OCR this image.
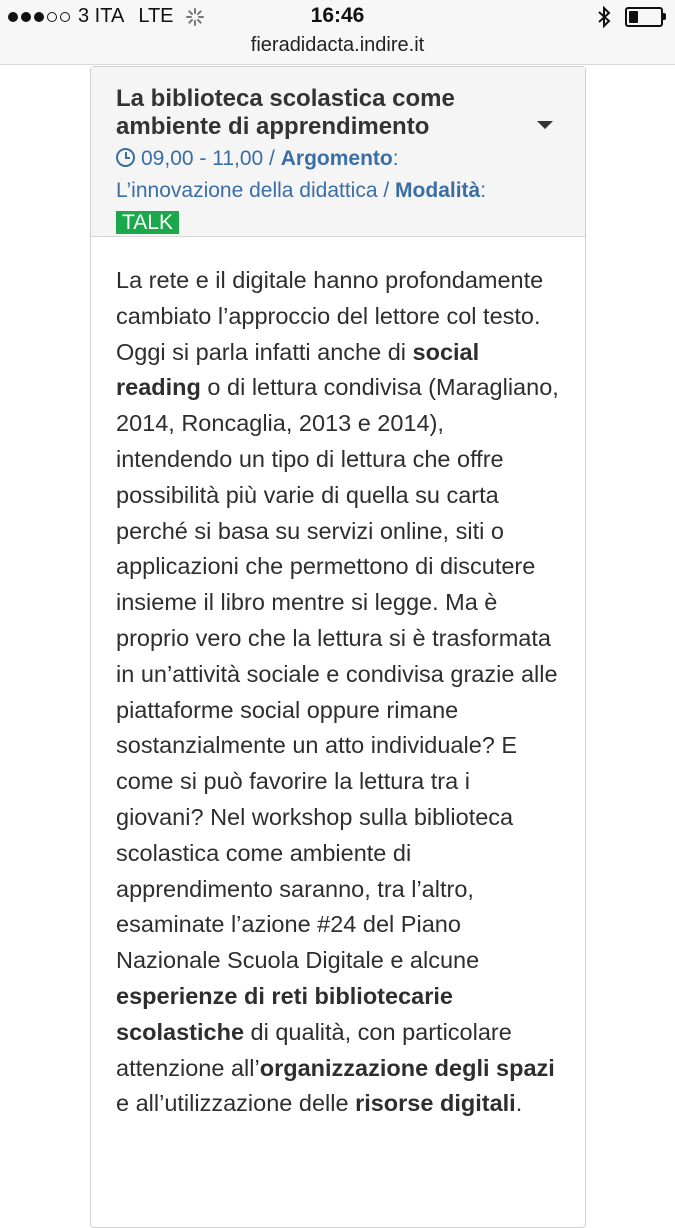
3 ITA LTE	16:46
fieradidacta.indire.it
La biblioteca scolastica come ambiente di apprendimento
09,00 - 11,00 / Argomento: L’innovazione della didattica / Modalità: TALK
La rete e il digitale hanno profondamente cambiato l’approccio del lettore col testo. Oggi si parla infatti anche di social reading o di lettura condivisa (Maragliano, 2014, Roncaglia, 2013 e 2014), intendendo un tipo di lettura che offre possibilità più varie di quella su carta perché si basa su servizi online, siti o applicazioni che permettono di discutere insieme il libro mentre si legge. Ma è proprio vero che la lettura si è trasformata in un’attività sociale e condivisa grazie alle piattaforme social oppure rimane sostanzialmente un atto individuale? E come si può favorire la lettura tra i giovani? Nel workshop sulla biblioteca scolastica come ambiente di apprendimento saranno, tra l’altro, esaminate l’azione #24 del Piano Nazionale Scuola Digitale e alcune esperienze di reti bibliotecarie scolastiche di qualità, con particolare attenzione all’organizzazione degli spazi e all’utilizzazione delle risorse digitali.
